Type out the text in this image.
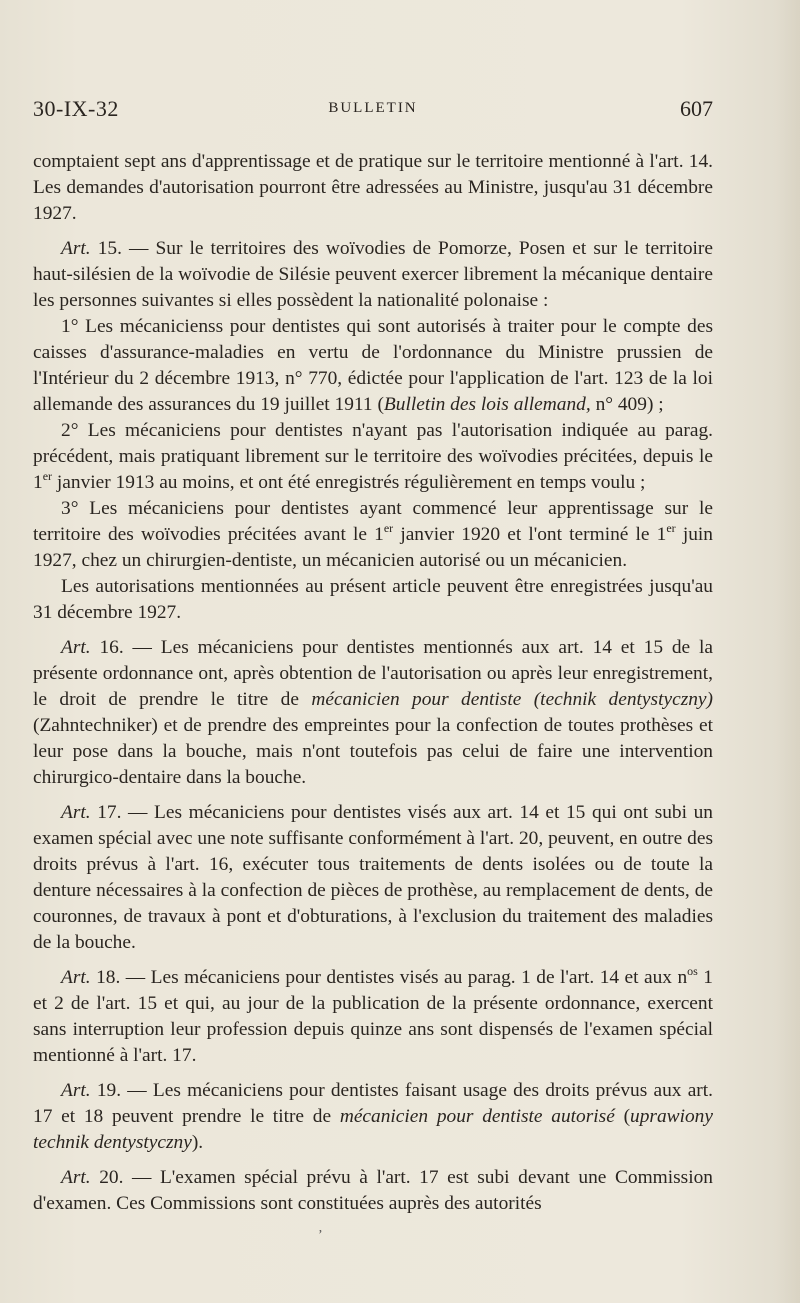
30-IX-32	BULLETIN	607

comptaient sept ans d'apprentissage et de pratique sur le territoire mentionné à l'art. 14. Les demandes d'autorisation pourront être adressées au Ministre, jusqu'au 31 décembre 1927.

Art. 15. — Sur le territoires des woïvodies de Pomorze, Posen et sur le territoire haut-silésien de la woïvodie de Silésie peuvent exercer librement la mécanique dentaire les personnes suivantes si elles possèdent la nationalité polonaise :

1° Les mécanicienss pour dentistes qui sont autorisés à traiter pour le compte des caisses d'assurance-maladies en vertu de l'ordonnance du Ministre prussien de l'Intérieur du 2 décembre 1913, n° 770, édictée pour l'application de l'art. 123 de la loi allemande des assurances du 19 juillet 1911 (Bulletin des lois allemand, n° 409) ;

2° Les mécaniciens pour dentistes n'ayant pas l'autorisation indiquée au parag. précédent, mais pratiquant librement sur le territoire des woïvodies précitées, depuis le 1er janvier 1913 au moins, et ont été enregistrés régulièrement en temps voulu ;

3° Les mécaniciens pour dentistes ayant commencé leur apprentissage sur le territoire des woïvodies précitées avant le 1er janvier 1920 et l'ont terminé le 1er juin 1927, chez un chirurgien-dentiste, un mécanicien autorisé ou un mécanicien.

Les autorisations mentionnées au présent article peuvent être enregistrées jusqu'au 31 décembre 1927.

Art. 16. — Les mécaniciens pour dentistes mentionnés aux art. 14 et 15 de la présente ordonnance ont, après obtention de l'autorisation ou après leur enregistrement, le droit de prendre le titre de mécanicien pour dentiste (technik dentystyczny) (Zahntechniker) et de prendre des empreintes pour la confection de toutes prothèses et leur pose dans la bouche, mais n'ont toutefois pas celui de faire une intervention chirurgico-dentaire dans la bouche.

Art. 17. — Les mécaniciens pour dentistes visés aux art. 14 et 15 qui ont subi un examen spécial avec une note suffisante conformément à l'art. 20, peuvent, en outre des droits prévus à l'art. 16, exécuter tous traitements de dents isolées ou de toute la denture nécessaires à la confection de pièces de prothèse, au remplacement de dents, de couronnes, de travaux à pont et d'obturations, à l'exclusion du traitement des maladies de la bouche.

Art. 18. — Les mécaniciens pour dentistes visés au parag. 1 de l'art. 14 et aux $n^{os}$ 1 et 2 de l'art. 15 et qui, au jour de la publication de la présente ordonnance, exercent sans interruption leur profession depuis quinze ans sont dispensés de l'examen spécial mentionné à l'art. 17.

Art. 19. — Les mécaniciens pour dentistes faisant usage des droits prévus aux art. 17 et 18 peuvent prendre le titre de mécanicien pour dentiste autorisé (uprawiony technik dentystyczny).

Art. 20. — L'examen spécial prévu à l'art. 17 est subi devant une Commission d'examen. Ces Commissions sont constituées auprès des autorités

’
